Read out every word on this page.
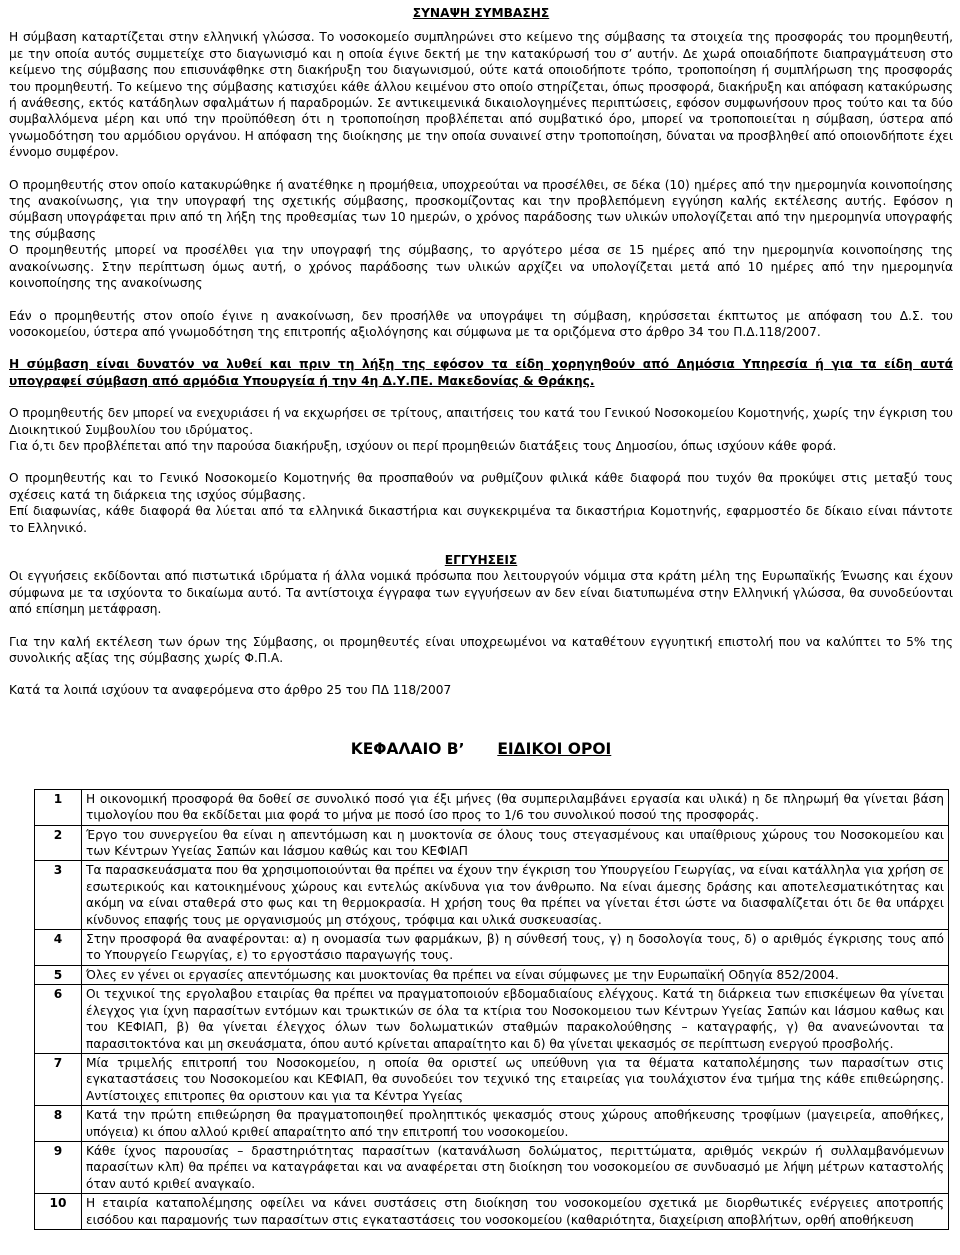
ΣΥΝΑΨΗ ΣΥΜΒΑΣΗΣ

Η σύμβαση καταρτίζεται στην ελληνική γλώσσα. Το νοσοκομείο συμπληρώνει στο κείμενο της σύμβασης τα στοιχεία της προσφοράς του προμηθευτή, με την οποία αυτός συμμετείχε στο διαγωνισμό και η οποία έγινε δεκτή με την κατακύρωσή του σ’ αυτήν. Δε χωρά οποιαδήποτε διαπραγμάτευση στο κείμενο της σύμβασης που επισυνάφθηκε στη διακήρυξη του διαγωνισμού, ούτε κατά οποιοδήποτε τρόπο, τροποποίηση ή συμπλήρωση της προσφοράς του προμηθευτή. Το κείμενο της σύμβασης κατισχύει κάθε άλλου κειμένου στο οποίο στηρίζεται, όπως προσφορά, διακήρυξη και απόφαση κατακύρωσης ή ανάθεσης, εκτός κατάδηλων σφαλμάτων ή παραδρομών. Σε αντικειμενικά δικαιολογημένες περιπτώσεις, εφόσον συμφωνήσουν προς τούτο και τα δύο συμβαλλόμενα μέρη και υπό την προϋπόθεση ότι η τροποποίηση προβλέπεται από συμβατικό όρο, μπορεί να τροποποιείται η σύμβαση, ύστερα από γνωμοδότηση του αρμόδιου οργάνου. Η απόφαση της διοίκησης με την οποία συναινεί στην τροποποίηση, δύναται να προσβληθεί από οποιονδήποτε έχει έννομο συμφέρον.

Ο προμηθευτής στον οποίο κατακυρώθηκε ή ανατέθηκε η προμήθεια, υποχρεούται να προσέλθει, σε δέκα (10) ημέρες από την ημερομηνία κοινοποίησης της ανακοίνωσης, για την υπογραφή της σχετικής σύμβασης, προσκομίζοντας και την προβλεπόμενη εγγύηση καλής εκτέλεσης αυτής. Εφόσον η σύμβαση υπογράφεται πριν από τη λήξη της προθεσμίας των 10 ημερών, ο χρόνος παράδοσης των υλικών υπολογίζεται από την ημερομηνία υπογραφής της σύμβασης

Ο προμηθευτής μπορεί να προσέλθει για την υπογραφή της σύμβασης, το αργότερο μέσα σε 15 ημέρες από την ημερομηνία κοινοποίησης της ανακοίνωσης. Στην περίπτωση όμως αυτή, ο χρόνος παράδοσης των υλικών αρχίζει να υπολογίζεται μετά από 10 ημέρες από την ημερομηνία κοινοποίησης της ανακοίνωσης

Εάν ο προμηθευτής στον οποίο έγινε η ανακοίνωση, δεν προσήλθε να υπογράψει τη σύμβαση, κηρύσσεται έκπτωτος με απόφαση του Δ.Σ. του νοσοκομείου, ύστερα από γνωμοδότηση της επιτροπής αξιολόγησης και σύμφωνα με τα οριζόμενα στο άρθρο 34 του Π.Δ.118/2007.

Η σύμβαση είναι δυνατόν να λυθεί και πριν τη λήξη της εφόσον τα είδη χορηγηθούν από Δημόσια Υπηρεσία ή για τα είδη αυτά υπογραφεί σύμβαση από αρμόδια Υπουργεία ή την 4η Δ.Υ.ΠΕ. Μακεδονίας & Θράκης.

Ο προμηθευτής δεν μπορεί να ενεχυριάσει ή να εκχωρήσει σε τρίτους, απαιτήσεις του κατά του Γενικού Νοσοκομείου Κομοτηνής, χωρίς την έγκριση του Διοικητικού Συμβουλίου του ιδρύματος.

Για ό,τι δεν προβλέπεται από την παρούσα διακήρυξη, ισχύουν οι περί προμηθειών διατάξεις τους Δημοσίου, όπως ισχύουν κάθε φορά.

Ο προμηθευτής και το Γενικό Νοσοκομείο Κομοτηνής θα προσπαθούν να ρυθμίζουν φιλικά κάθε διαφορά που τυχόν θα προκύψει στις μεταξύ τους σχέσεις κατά τη διάρκεια της ισχύος σύμβασης.

Επί διαφωνίας, κάθε διαφορά θα λύεται από τα ελληνικά δικαστήρια και συγκεκριμένα τα δικαστήρια Κομοτηνής, εφαρμοστέο δε δίκαιο είναι πάντοτε το Ελληνικό.

ΕΓΓΥΗΣΕΙΣ

Οι εγγυήσεις εκδίδονται από πιστωτικά ιδρύματα ή άλλα νομικά πρόσωπα που λειτουργούν νόμιμα στα κράτη μέλη της Ευρωπαϊκής Ένωσης και έχουν σύμφωνα με τα ισχύοντα το δικαίωμα αυτό. Τα αντίστοιχα έγγραφα των εγγυήσεων αν δεν είναι διατυπωμένα στην Ελληνική γλώσσα, θα συνοδεύονται από επίσημη μετάφραση.

Για την καλή εκτέλεση των όρων της Σύμβασης, οι προμηθευτές είναι υποχρεωμένοι να καταθέτουν εγγυητική επιστολή που να καλύπτει το 5% της συνολικής αξίας της σύμβασης χωρίς Φ.Π.Α.

Κατά τα λοιπά ισχύουν τα αναφερόμενα στο άρθρο 25 του ΠΔ 118/2007

ΚΕΦΑΛΑΙΟ Β’ ΕΙΔΙΚΟΙ ΟΡΟΙ
1	Η οικονομική προσφορά θα δοθεί σε συνολικό ποσό για έξι μήνες (θα συμπεριλαμβάνει εργασία και υλικά) η δε πληρωμή θα γίνεται βάση τιμολογίου που θα εκδίδεται μια φορά το μήνα με ποσό ίσο προς το 1/6 του συνολικού ποσού της προσφοράς.
2	Έργο του συνεργείου θα είναι η απεντόμωση και η μυοκτονία σε όλους τους στεγασμένους και υπαίθριους χώρους του Νοσοκομείου και των Κέντρων Υγείας Σαπών και Ιάσμου καθώς και του ΚΕΦΙΑΠ
3	Τα παρασκευάσματα που θα χρησιμοποιούνται θα πρέπει να έχουν την έγκριση του Υπουργείου Γεωργίας, να είναι κατάλληλα για χρήση σε εσωτερικούς και κατοικημένους χώρους και εντελώς ακίνδυνα για τον άνθρωπο. Να είναι άμεσης δράσης και αποτελεσματικότητας και ακόμη να είναι σταθερά στο φως και τη θερμοκρασία. Η χρήση τους θα πρέπει να γίνεται έτσι ώστε να διασφαλίζεται ότι δε θα υπάρχει κίνδυνος επαφής τους με οργανισμούς μη στόχους, τρόφιμα και υλικά συσκευασίας.
4	Στην προσφορά θα αναφέρονται: α) η ονομασία των φαρμάκων, β) η σύνθεσή τους, γ) η δοσολογία τους, δ) ο αριθμός έγκρισης τους από το Υπουργείο Γεωργίας, ε) το εργοστάσιο παραγωγής τους.
5	Όλες εν γένει οι εργασίες απεντόμωσης και μυοκτονίας θα πρέπει να είναι σύμφωνες με την Ευρωπαϊκή Οδηγία 852/2004.
6	Οι τεχνικοί της εργολαβου εταιρίας θα πρέπει να πραγματοποιούν εβδομαδιαίους ελέγχους. Κατά τη διάρκεια των επισκέψεων θα γίνεται έλεγχος για ίχνη παρασίτων εντόμων και τρωκτικών σε όλα τα κτίρια του Νοσοκομειου των Κέντρων Υγείας Σαπών και Ιάσμου καθως και του ΚΕΦΙΑΠ, β) θα γίνεται έλεγχος όλων των δολωματικών σταθμών παρακολούθησης – καταγραφής, γ) θα ανανεώνονται τα παρασιτοκτόνα και μη σκευάσματα, όπου αυτό κρίνεται απαραίτητο και δ) θα γίνεται ψεκασμός σε περίπτωση ενεργού προσβολής.
7	Μία τριμελής επιτροπή του Νοσοκομείου, η οποία θα οριστεί ως υπεύθυνη για τα θέματα καταπολέμησης των παρασίτων στις εγκαταστάσεις του Νοσοκομείου και ΚΕΦΙΑΠ, θα συνοδεύει τον τεχνικό της εταιρείας για τουλάχιστον ένα τμήμα της κάθε επιθεώρησης. Αντίστοιχες επιτροπες θα οριστουν και για τα Κέντρα Υγείας
8	Κατά την πρώτη επιθεώρηση θα πραγματοποιηθεί προληπτικός ψεκασμός στους χώρους αποθήκευσης τροφίμων (μαγειρεία, αποθήκες, υπόγεια) κι όπου αλλού κριθεί απαραίτητο από την επιτροπή του νοσοκομείου.
9	Κάθε ίχνος παρουσίας – δραστηριότητας παρασίτων (κατανάλωση δολώματος, περιττώματα, αριθμός νεκρών ή συλλαμβανόμενων παρασίτων κλπ) θα πρέπει να καταγράφεται και να αναφέρεται στη διοίκηση του νοσοκομείου σε συνδυασμό με λήψη μέτρων καταστολής όταν αυτό κριθεί αναγκαίο.
10	Η εταιρία καταπολέμησης οφείλει να κάνει συστάσεις στη διοίκηση του νοσοκομείου σχετικά με διορθωτικές ενέργειες αποτροπής εισόδου και παραμονής των παρασίτων στις εγκαταστάσεις του νοσοκομείου (καθαριότητα, διαχείριση αποβλήτων, ορθή αποθήκευση
